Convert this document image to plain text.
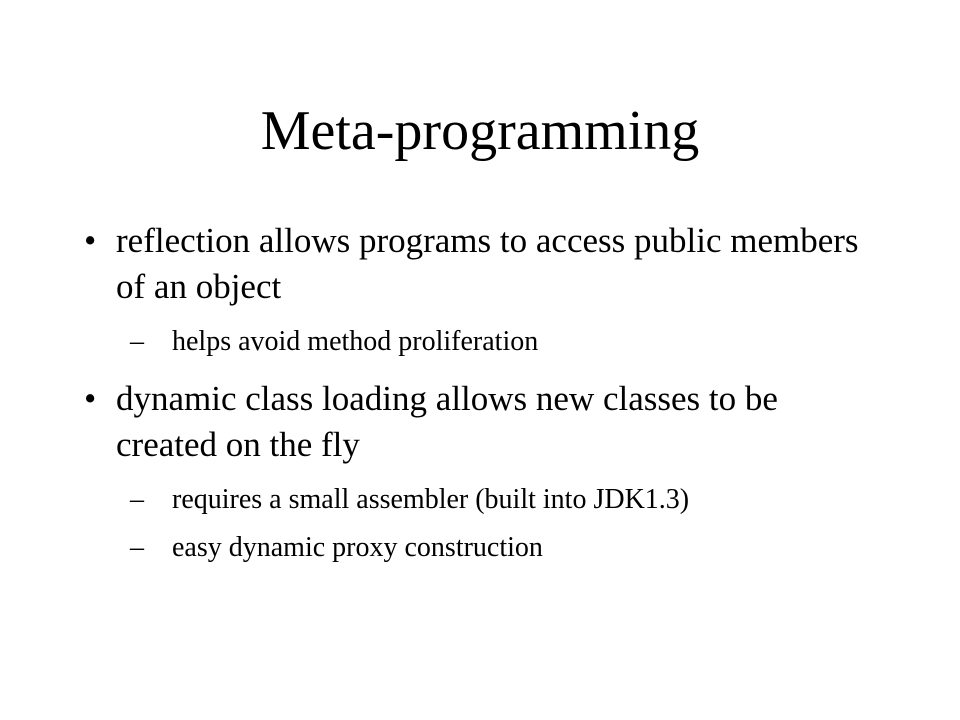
Meta-programming
• reflection allows programs to access public members of an object
– helps avoid method proliferation
• dynamic class loading allows new classes to be created on the fly
– requires a small assembler (built into JDK1.3)
– easy dynamic proxy construction
